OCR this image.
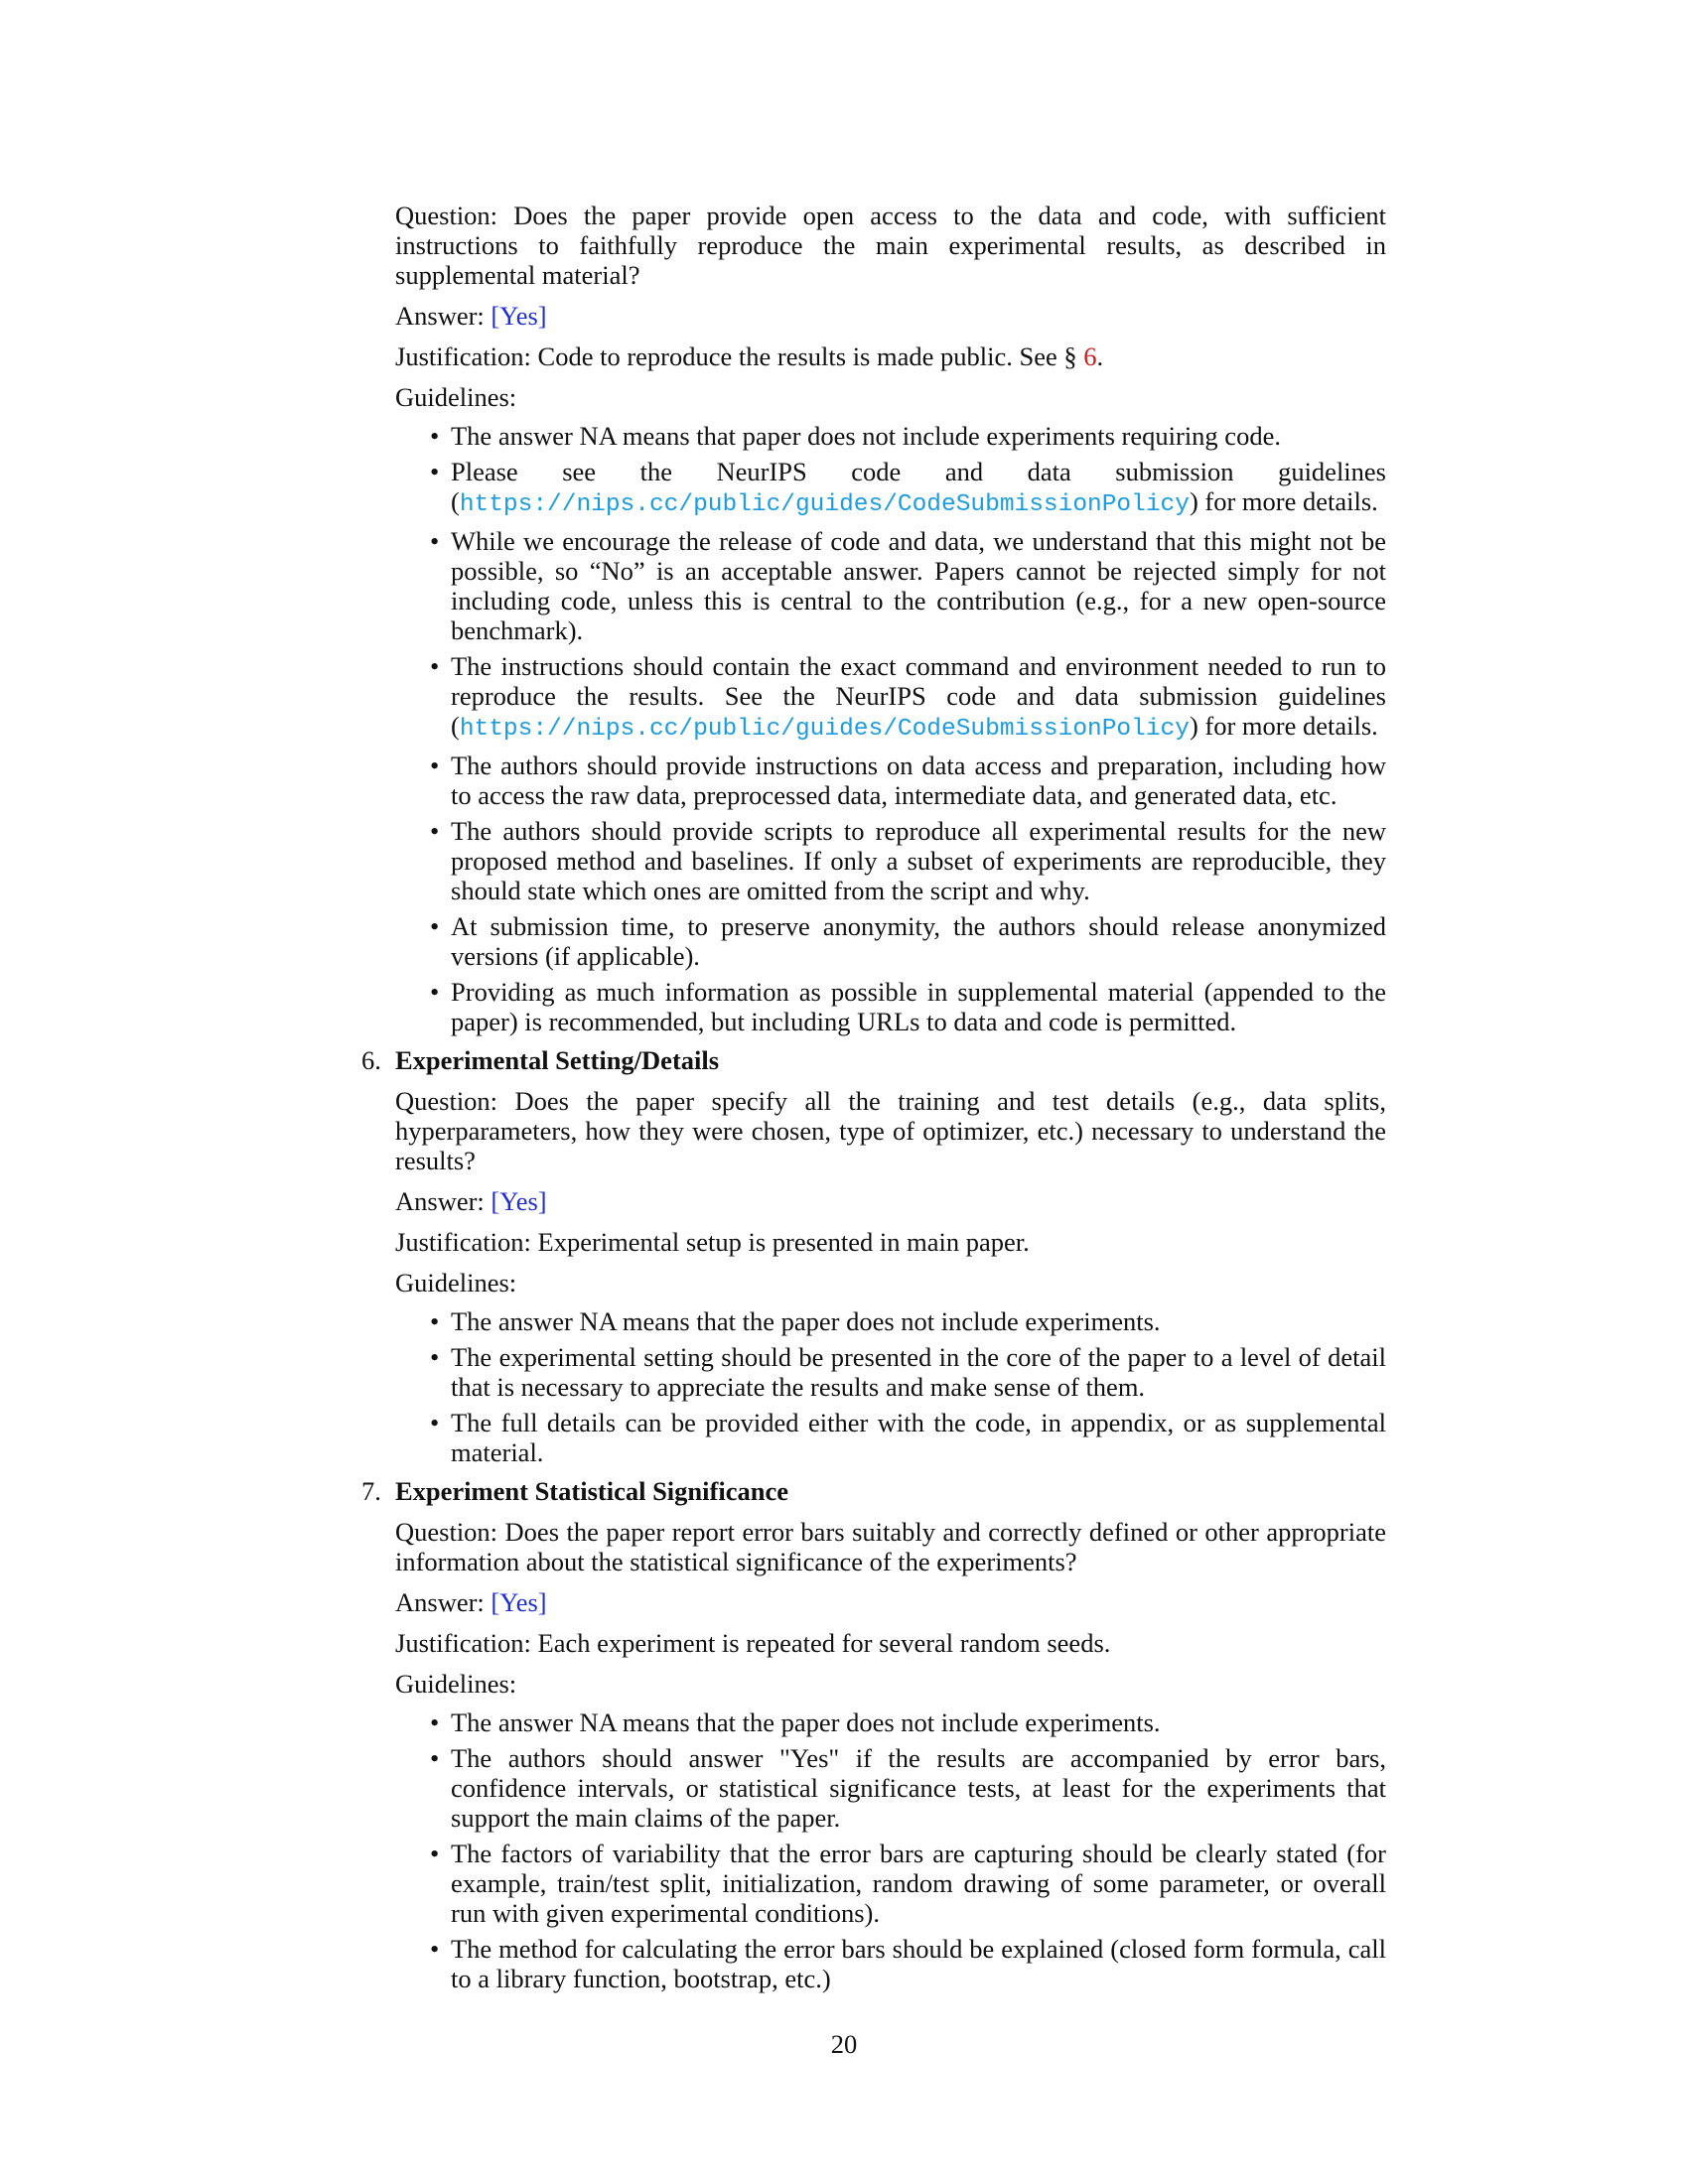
Question: Does the paper provide open access to the data and code, with sufficient instructions to faithfully reproduce the main experimental results, as described in supplemental material?

Answer: [Yes]

Justification: Code to reproduce the results is made public. See § 6.

Guidelines:

• The answer NA means that paper does not include experiments requiring code.
• Please see the NeurIPS code and data submission guidelines (https://nips.cc/public/guides/CodeSubmissionPolicy) for more details.
• While we encourage the release of code and data, we understand that this might not be possible, so “No” is an acceptable answer. Papers cannot be rejected simply for not including code, unless this is central to the contribution (e.g., for a new open-source benchmark).
• The instructions should contain the exact command and environment needed to run to reproduce the results. See the NeurIPS code and data submission guidelines (https://nips.cc/public/guides/CodeSubmissionPolicy) for more details.
• The authors should provide instructions on data access and preparation, including how to access the raw data, preprocessed data, intermediate data, and generated data, etc.
• The authors should provide scripts to reproduce all experimental results for the new proposed method and baselines. If only a subset of experiments are reproducible, they should state which ones are omitted from the script and why.
• At submission time, to preserve anonymity, the authors should release anonymized versions (if applicable).
• Providing as much information as possible in supplemental material (appended to the paper) is recommended, but including URLs to data and code is permitted.
6. Experimental Setting/Details

Question: Does the paper specify all the training and test details (e.g., data splits, hyperparameters, how they were chosen, type of optimizer, etc.) necessary to understand the results?

Answer: [Yes]

Justification: Experimental setup is presented in main paper.

Guidelines:

• The answer NA means that the paper does not include experiments.
• The experimental setting should be presented in the core of the paper to a level of detail that is necessary to appreciate the results and make sense of them.
• The full details can be provided either with the code, in appendix, or as supplemental material.
7. Experiment Statistical Significance

Question: Does the paper report error bars suitably and correctly defined or other appropriate information about the statistical significance of the experiments?

Answer: [Yes]

Justification: Each experiment is repeated for several random seeds.

Guidelines:

• The answer NA means that the paper does not include experiments.
• The authors should answer "Yes" if the results are accompanied by error bars, confidence intervals, or statistical significance tests, at least for the experiments that support the main claims of the paper.
• The factors of variability that the error bars are capturing should be clearly stated (for example, train/test split, initialization, random drawing of some parameter, or overall run with given experimental conditions).
• The method for calculating the error bars should be explained (closed form formula, call to a library function, bootstrap, etc.)
20
